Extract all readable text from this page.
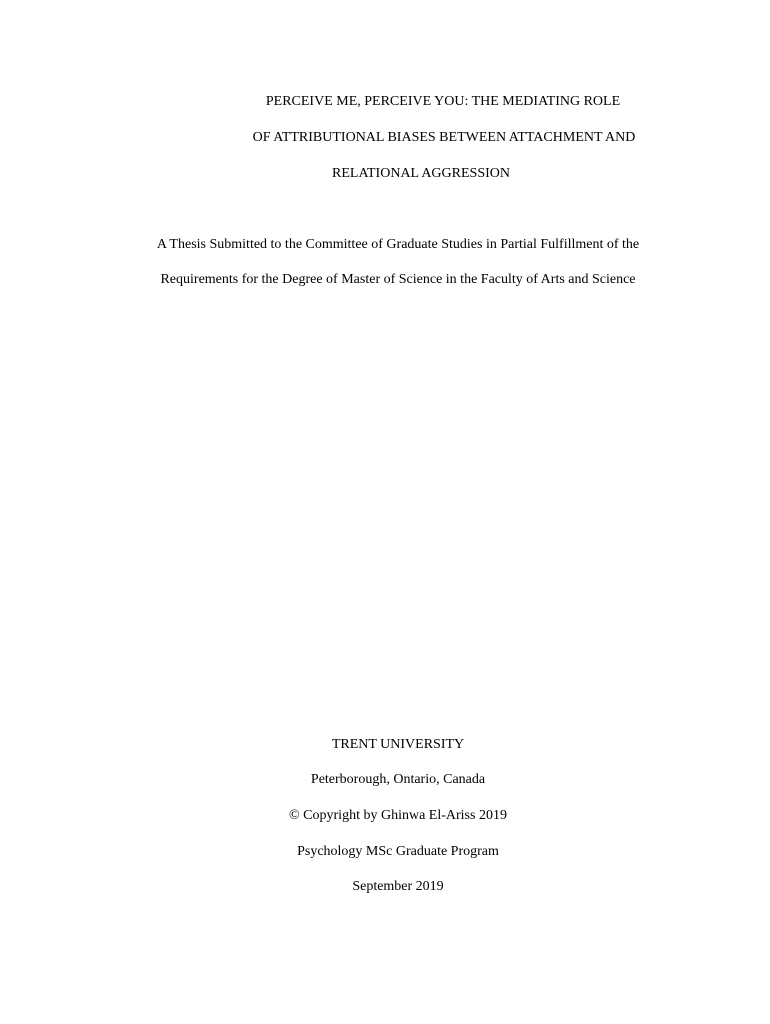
PERCEIVE ME, PERCEIVE YOU: THE MEDIATING ROLE
OF ATTRIBUTIONAL BIASES BETWEEN ATTACHMENT AND
RELATIONAL AGGRESSION
A Thesis Submitted to the Committee of Graduate Studies in Partial Fulfillment of the
Requirements for the Degree of Master of Science in the Faculty of Arts and Science
TRENT UNIVERSITY
Peterborough, Ontario, Canada
© Copyright by Ghinwa El-Ariss 2019
Psychology MSc Graduate Program
September 2019
